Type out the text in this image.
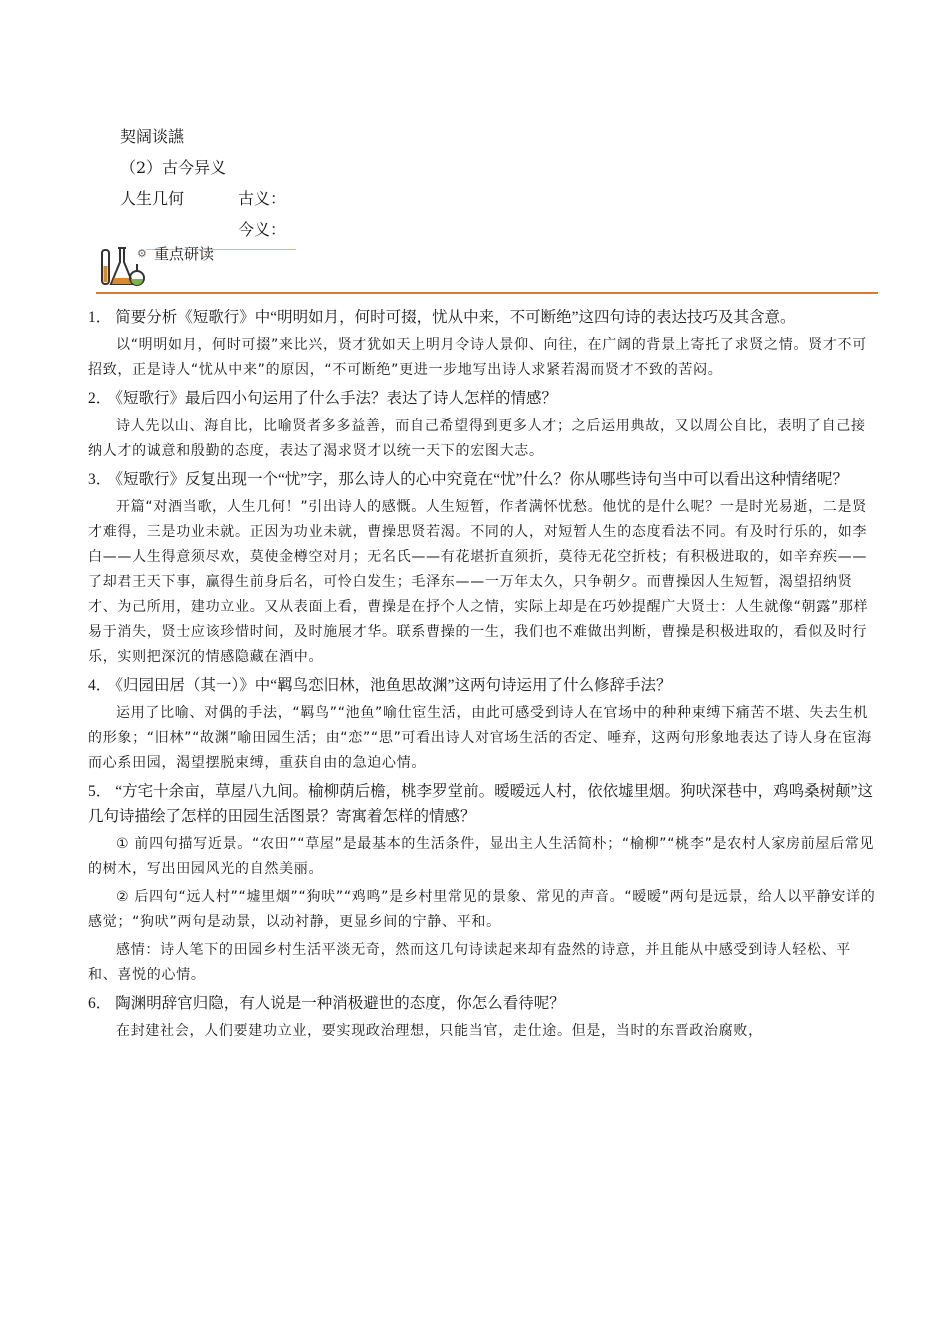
契阔谈讌
（2）古今异义
人生几何	古义：
今义：
⚙ 重点研读
1． 简要分析《短歌行》中“明明如月，何时可掇，忧从中来，不可断绝”这四句诗的表达技巧及其含意。
以“明明如月，何时可掇”来比兴，贤才犹如天上明月令诗人景仰、向往，在广阔的背景上寄托了求贤之情。贤才不可招致，正是诗人“忧从中来”的原因，“不可断绝”更进一步地写出诗人求紧若渴而贤才不致的苦闷。
2． 《短歌行》最后四小句运用了什么手法？表达了诗人怎样的情感？
诗人先以山、海自比，比喻贤者多多益善，而自己希望得到更多人才；之后运用典故，又以周公自比，表明了自己接纳人才的诚意和殷勤的态度，表达了渴求贤才以统一天下的宏图大志。
3． 《短歌行》反复出现一个“忧”字，那么诗人的心中究竟在“忧”什么？你从哪些诗句当中可以看出这种情绪呢？
开篇“对酒当歌，人生几何！”引出诗人的感慨。人生短暂，作者满怀忧愁。他忧的是什么呢？一是时光易逝，二是贤才难得，三是功业未就。正因为功业未就，曹操思贤若渴。不同的人，对短暂人生的态度看法不同。有及时行乐的，如李白——人生得意须尽欢，莫使金樽空对月；无名氏——有花堪折直须折，莫待无花空折枝；有积极进取的，如辛弃疾——了却君王天下事，赢得生前身后名，可怜白发生；毛泽东——一万年太久，只争朝夕。而曹操因人生短暂，渴望招纳贤才、为己所用，建功立业。又从表面上看，曹操是在抒个人之情，实际上却是在巧妙提醒广大贤士：人生就像“朝露”那样易于消失，贤士应该珍惜时间，及时施展才华。联系曹操的一生，我们也不难做出判断，曹操是积极进取的，看似及时行乐，实则把深沉的情感隐藏在酒中。
4． 《归园田居（其一）》中“羁鸟恋旧林，池鱼思故渊”这两句诗运用了什么修辞手法？
运用了比喻、对偶的手法，“羁鸟”“池鱼”喻仕宦生活，由此可感受到诗人在官场中的种种束缚下痛苦不堪、失去生机的形象；“旧林”“故渊”喻田园生活；由“恋”“思”可看出诗人对官场生活的否定、唾弃，这两句形象地表达了诗人身在宦海而心系田园，渴望摆脱束缚，重获自由的急迫心情。
5． “方宅十余亩，草屋八九间。榆柳荫后檐，桃李罗堂前。暧暧远人村，依依墟里烟。狗吠深巷中，鸡鸣桑树颠”这几句诗描绘了怎样的田园生活图景？寄寓着怎样的情感？
① 前四句描写近景。“农田”“草屋”是最基本的生活条件，显出主人生活简朴；“榆柳”“桃李”是农村人家房前屋后常见的树木，写出田园风光的自然美丽。
② 后四句“远人村”“墟里烟”“狗吠”“鸡鸣”是乡村里常见的景象、常见的声音。“暧暧”两句是远景，给人以平静安详的感觉；“狗吠”两句是动景，以动衬静，更显乡间的宁静、平和。
感情：诗人笔下的田园乡村生活平淡无奇，然而这几句诗读起来却有盎然的诗意，并且能从中感受到诗人轻松、平和、喜悦的心情。
6． 陶渊明辞官归隐，有人说是一种消极避世的态度，你怎么看待呢？
在封建社会，人们要建功立业，要实现政治理想，只能当官，走仕途。但是，当时的东晋政治腐败，
